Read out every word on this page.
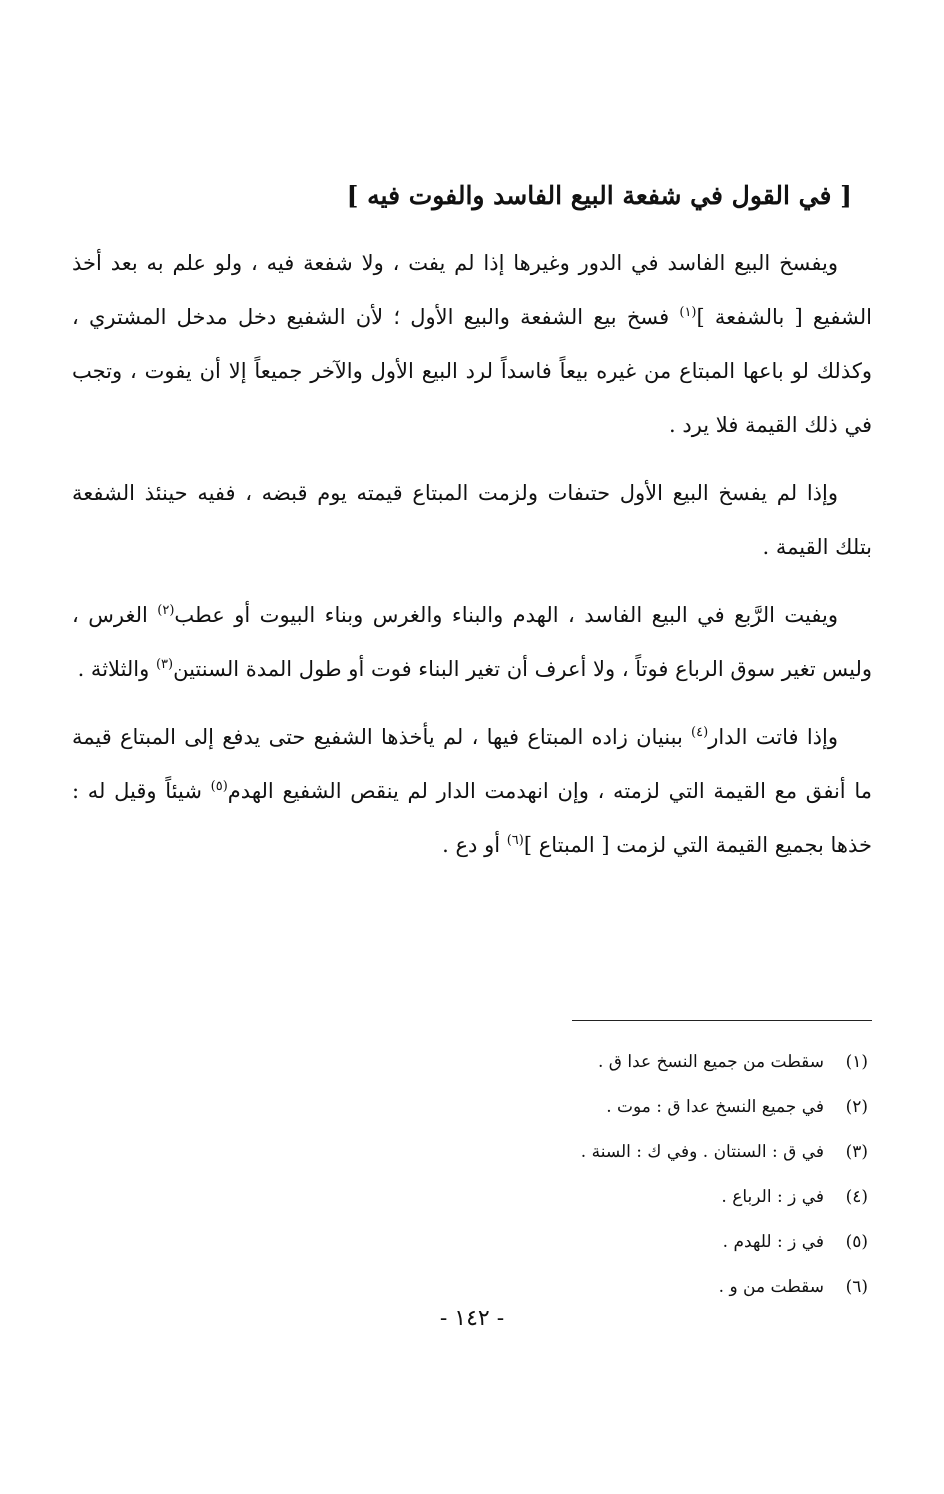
[ في القول في شفعة البيع الفاسد والفوت فيه ]

ويفسخ البيع الفاسد في الدور وغيرها إذا لم يفت ، ولا شفعة فيه ، ولو علم به بعد أخذ الشفيع [ بالشفعة ]$^{(١)}$ فسخ بيع الشفعة والبيع الأول ؛ لأن الشفيع دخل مدخل المشتري ، وكذلك لو باعها المبتاع من غيره بيعاً فاسداً لرد البيع الأول والآخر جميعاً إلا أن يفوت ، وتجب في ذلك القيمة فلا يرد .

وإذا لم يفسخ البيع الأول حتىفات ولزمت المبتاع قيمته يوم قبضه ، ففيه حينئذ الشفعة بتلك القيمة .

ويفيت الرَّبع في البيع الفاسد ، الهدم والبناء والغرس وبناء البيوت أو عطب$^{(٢)}$ الغرس ، وليس تغير سوق الرباع فوتاً ، ولا أعرف أن تغير البناء فوت أو طول المدة السنتين$^{(٣)}$ والثلاثة .

وإذا فاتت الدار$^{(٤)}$ ببنيان زاده المبتاع فيها ، لم يأخذها الشفيع حتى يدفع إلى المبتاع قيمة ما أنفق مع القيمة التي لزمته ، وإن انهدمت الدار لم ينقص الشفيع الهدم$^{(٥)}$ شيئاً وقيل له : خذها بجميع القيمة التي لزمت [ المبتاع ]$^{(٦)}$ أو دع .

(١)سقطت من جميع النسخ عدا ق .
(٢)في جميع النسخ عدا ق : موت .
(٣)في ق : السنتان . وفي ك : السنة .
(٤)في ز : الرباع .
(٥)في ز : للهدم .
(٦)سقطت من و .
- ١٤٢ -
